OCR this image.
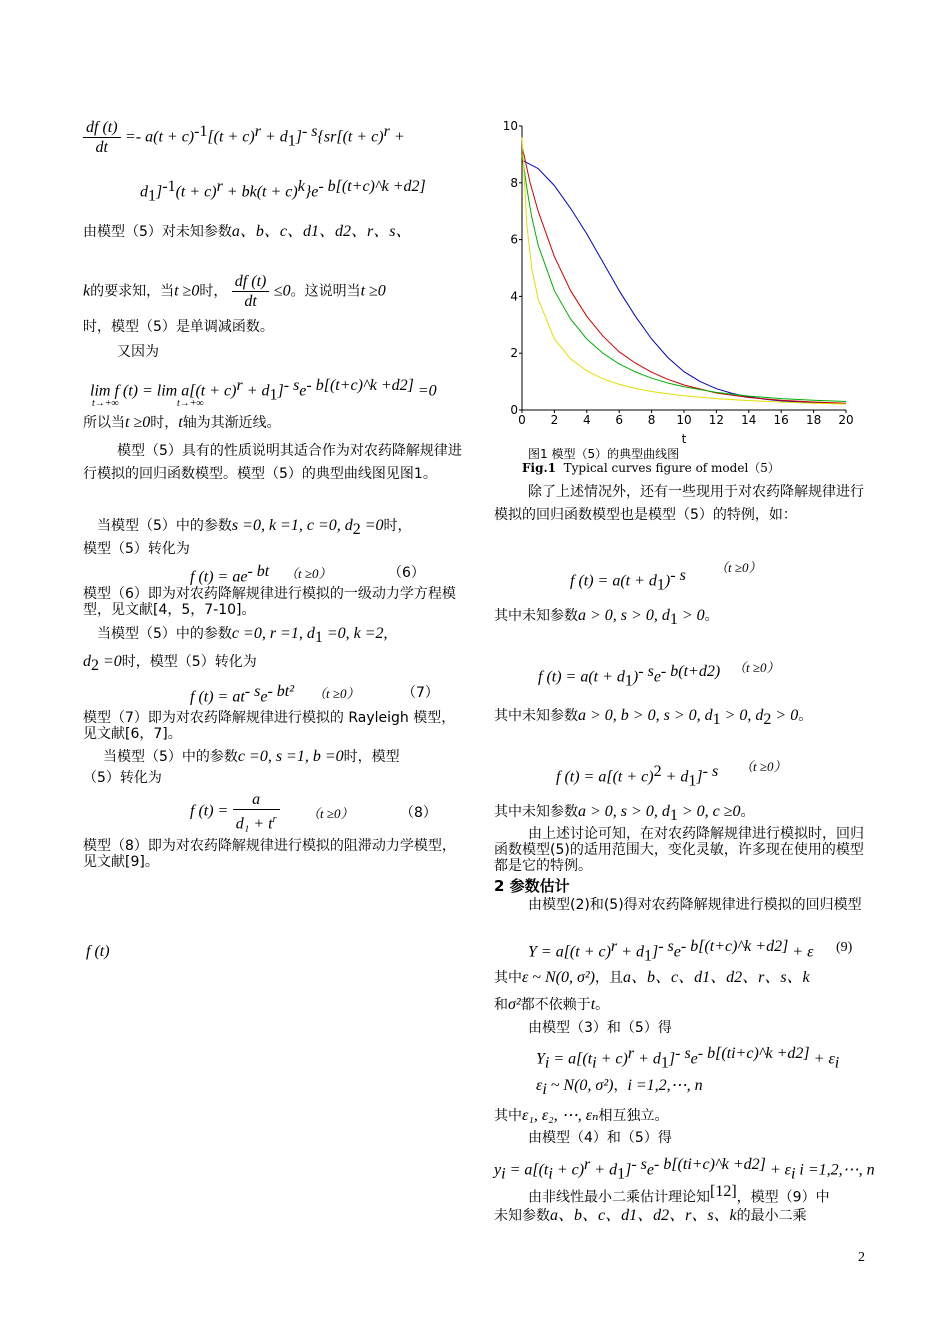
$\frac{df (t)}{dt} =- a(t + c)^{-1}[(t + c)^r + d_1]^{- s}\{sr[(t + c)^r$ +
$d_1]^{-1}(t + c)^r + bk(t + c)^k\}e^{- b[(t+c)\^{}k +d2]}$
由模型（5）对未知参数a、b、c、d1、d2、r、s、
k的要求知，当t ≥0时， $\frac{df (t)}{dt} \le 0$。这说明当t ≥0
时，模型（5）是单调减函数。
又因为
lim f $(t) = \lim a[(t + c)^r + d_1]^{- s}e^{- b[(t+c)\^{}k +d2]} =0$
t→+∞	t→+∞
所以当t ≥0时，t轴为其渐近线。
模型（5）具有的性质说明其适合作为对农药降解规律进行模拟的回归函数模型。模型（5）的典型曲线图见图1。
当模型（5）中的参数s =0, k =1, c =0, $d_2 =0$时，
模型（5）转化为
f $(t) = ae^{- bt}$ （t ≥0）	（6）
模型（6）即为对农药降解规律进行模拟的一级动力学方程模型，见文献[4，5，7-10]。
当模型（5）中的参数c =0, r =1, $d_1 =0$, k =2,
$d_2 =0$时，模型（5）转化为
f $(t) = at^{- s}e^{- bt^2}$ （t ≥0）	（7）
模型（7）即为对农药降解规律进行模拟的 Rayleigh 模型，见文献[6，7]。
当模型（5）中的参数c =0, s =1, b =0时，模型
（5）转化为
f $(t) = \frac{a}{d_1 + t^r} (t \ge 0)$	（8）
模型（8）即为对农药降解规律进行模拟的阻滞动力学模型，见文献[9]。
f (t)
0 2 4 6 8 10 12 14 16 18 20
0
2
4
6
8
10
t
图1 模型（5）的典型曲线图
Fig.1 Typical curves figure of model（5）
除了上述情况外，还有一些现用于对农药降解规律进行模拟的回归函数模型也是模型（5）的特例，如：
f $(t) = a(t + d_1)^{- s}$ （t ≥0）
其中未知参数a > 0, s > 0, $d_1 > 0$。
f $(t) = a(t + d_1)^{- s}e^{- b(t+d2)}$ （t ≥0）
其中未知参数a > 0, b > 0, s > 0, $d_1 > 0$, $d_2 > 0$。
f $(t) = a[(t + c)^2 + d_1]^{- s}$ （t ≥0）
其中未知参数a > 0, s > 0, $d_1 > 0$, c ≥0。
由上述讨论可知，在对农药降解规律进行模拟时，回归函数模型(5)的适用范围大，变化灵敏，许多现在使用的模型都是它的特例。
2 参数估计
由模型(2)和(5)得对农药降解规律进行模拟的回归模型
$Y = a[(t + c)^r + d_1]^{- s}e^{- b[(t+c)\^{}k +d2]} + \varepsilon$ (9)
其中ε ~ N(0, σ²)，且a、b、c、d1、d2、r、s、k
和σ²都不依赖于t。
由模型（3）和（5）得
$Y_i = a[(t_i + c)^r + d_1]^{- s}e^{- b[(ti+c)\^{}k +d2]} + \varepsilon_i$
$\varepsilon_i$ ~ N(0, σ²)，i =1,2,⋯, n
其中ε₁, ε₂, ⋯, εₙ相互独立。
由模型（4）和（5）得
$y_i = a[(t_i + c)^r + d_1]^{- s}e^{- b[(ti+c)\^{}k +d2]} + \varepsilon_i$ i =1,2,⋯, n
由非线性最小二乘估计理论知[12]，模型（9）中
未知参数a、b、c、d1、d2、r、s、k的最小二乘
2
